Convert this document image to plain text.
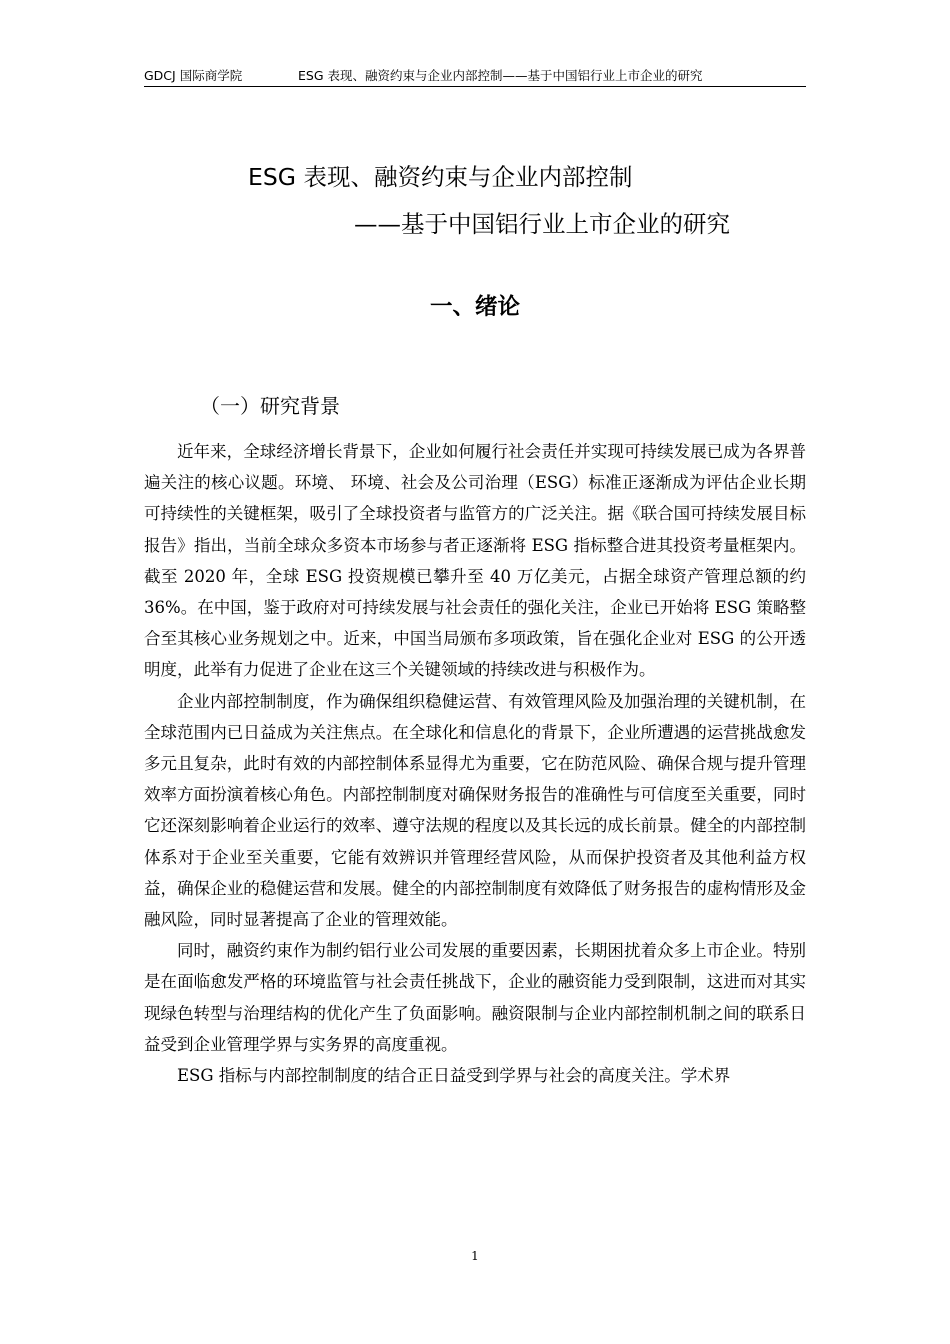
GDCJ 国际商学院	ESG 表现、融资约束与企业内部控制——基于中国铝行业上市企业的研究
ESG 表现、融资约束与企业内部控制
——基于中国铝行业上市企业的研究
一、绪论
（一）研究背景

近年来，全球经济增长背景下，企业如何履行社会责任并实现可持续发展已成为各界普遍关注的核心议题。环境、 环境、社会及公司治理（ESG）标准正逐渐成为评估企业长期可持续性的关键框架，吸引了全球投资者与监管方的广泛关注。据《联合国可持续发展目标报告》指出，当前全球众多资本市场参与者正逐渐将 ESG 指标整合进其投资考量框架内。截至 2020 年，全球 ESG 投资规模已攀升至 40 万亿美元，占据全球资产管理总额的约 36%。在中国，鉴于政府对可持续发展与社会责任的强化关注，企业已开始将 ESG 策略整合至其核心业务规划之中。近来，中国当局颁布多项政策，旨在强化企业对 ESG 的公开透明度，此举有力促进了企业在这三个关键领域的持续改进与积极作为。

企业内部控制制度，作为确保组织稳健运营、有效管理风险及加强治理的关键机制，在全球范围内已日益成为关注焦点。在全球化和信息化的背景下，企业所遭遇的运营挑战愈发多元且复杂，此时有效的内部控制体系显得尤为重要，它在防范风险、确保合规与提升管理效率方面扮演着核心角色。内部控制制度对确保财务报告的准确性与可信度至关重要，同时它还深刻影响着企业运行的效率、遵守法规的程度以及其长远的成长前景。健全的内部控制体系对于企业至关重要，它能有效辨识并管理经营风险，从而保护投资者及其他利益方权益，确保企业的稳健运营和发展。健全的内部控制制度有效降低了财务报告的虚构情形及金融风险，同时显著提高了企业的管理效能。

同时，融资约束作为制约铝行业公司发展的重要因素，长期困扰着众多上市企业。特别是在面临愈发严格的环境监管与社会责任挑战下，企业的融资能力受到限制，这进而对其实现绿色转型与治理结构的优化产生了负面影响。融资限制与企业内部控制机制之间的联系日益受到企业管理学界与实务界的高度重视。

ESG 指标与内部控制制度的结合正日益受到学界与社会的高度关注。学术界

1
